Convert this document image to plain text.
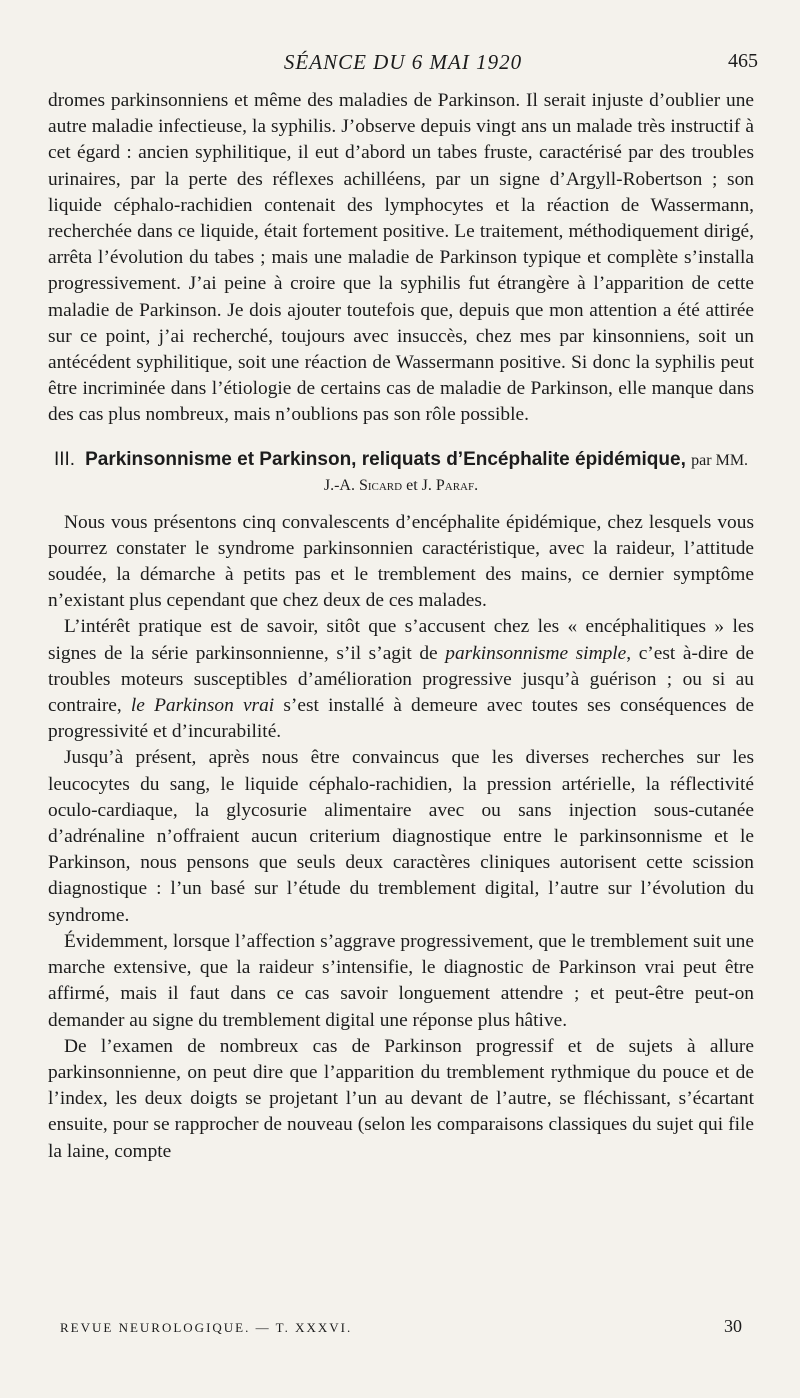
SÉANCE DU 6 MAI 1920	465

dromes parkinsonniens et même des maladies de Parkinson. Il serait injuste d’oublier une autre maladie infectieuse, la syphilis. J’observe depuis vingt ans un malade très instructif à cet égard : ancien syphilitique, il eut d’abord un tabes fruste, caractérisé par des troubles urinaires, par la perte des réflexes achilléens, par un signe d’Argyll-Robertson ; son liquide céphalo-rachidien contenait des lymphocytes et la réaction de Wassermann, recherchée dans ce liquide, était fortement positive. Le traitement, méthodiquement dirigé, arrêta l’évolution du tabes ; mais une maladie de Parkinson typique et complète s’installa progressivement. J’ai peine à croire que la syphilis fut étrangère à l’apparition de cette maladie de Parkinson. Je dois ajouter toutefois que, depuis que mon attention a été attirée sur ce point, j’ai recherché, toujours avec insuccès, chez mes par kinsonniens, soit un antécédent syphilitique, soit une réaction de Wassermann positive. Si donc la syphilis peut être incriminée dans l’étiologie de certains cas de maladie de Parkinson, elle manque dans des cas plus nombreux, mais n’oublions pas son rôle possible.

III. Parkinsonnisme et Parkinson, reliquats d’Encéphalite épidémique, par MM. J.-A. Sicard et J. Paraf.

Nous vous présentons cinq convalescents d’encéphalite épidémique, chez lesquels vous pourrez constater le syndrome parkinsonnien caractéristique, avec la raideur, l’attitude soudée, la démarche à petits pas et le tremblement des mains, ce dernier symptôme n’existant plus cependant que chez deux de ces malades.

L’intérêt pratique est de savoir, sitôt que s’accusent chez les « encéphalitiques » les signes de la série parkinsonnienne, s’il s’agit de parkinsonnisme simple, c’est à-dire de troubles moteurs susceptibles d’amélioration progressive jusqu’à guérison ; ou si au contraire, le Parkinson vrai s’est installé à demeure avec toutes ses conséquences de progressivité et d’incurabilité.

Jusqu’à présent, après nous être convaincus que les diverses recherches sur les leucocytes du sang, le liquide céphalo-rachidien, la pression artérielle, la réflectivité oculo-cardiaque, la glycosurie alimentaire avec ou sans injection sous-cutanée d’adrénaline n’offraient aucun criterium diagnostique entre le parkinsonnisme et le Parkinson, nous pensons que seuls deux caractères cliniques autorisent cette scission diagnostique : l’un basé sur l’étude du tremblement digital, l’autre sur l’évolution du syndrome.

Évidemment, lorsque l’affection s’aggrave progressivement, que le tremblement suit une marche extensive, que la raideur s’intensifie, le diagnostic de Parkinson vrai peut être affirmé, mais il faut dans ce cas savoir longuement attendre ; et peut-être peut-on demander au signe du tremblement digital une réponse plus hâtive.

De l’examen de nombreux cas de Parkinson progressif et de sujets à allure parkinsonnienne, on peut dire que l’apparition du tremblement rythmique du pouce et de l’index, les deux doigts se projetant l’un au devant de l’autre, se fléchissant, s’écartant ensuite, pour se rapprocher de nouveau (selon les comparaisons classiques du sujet qui file la laine, compte

REVUE NEUROLOGIQUE. — T. XXXVI.	30
